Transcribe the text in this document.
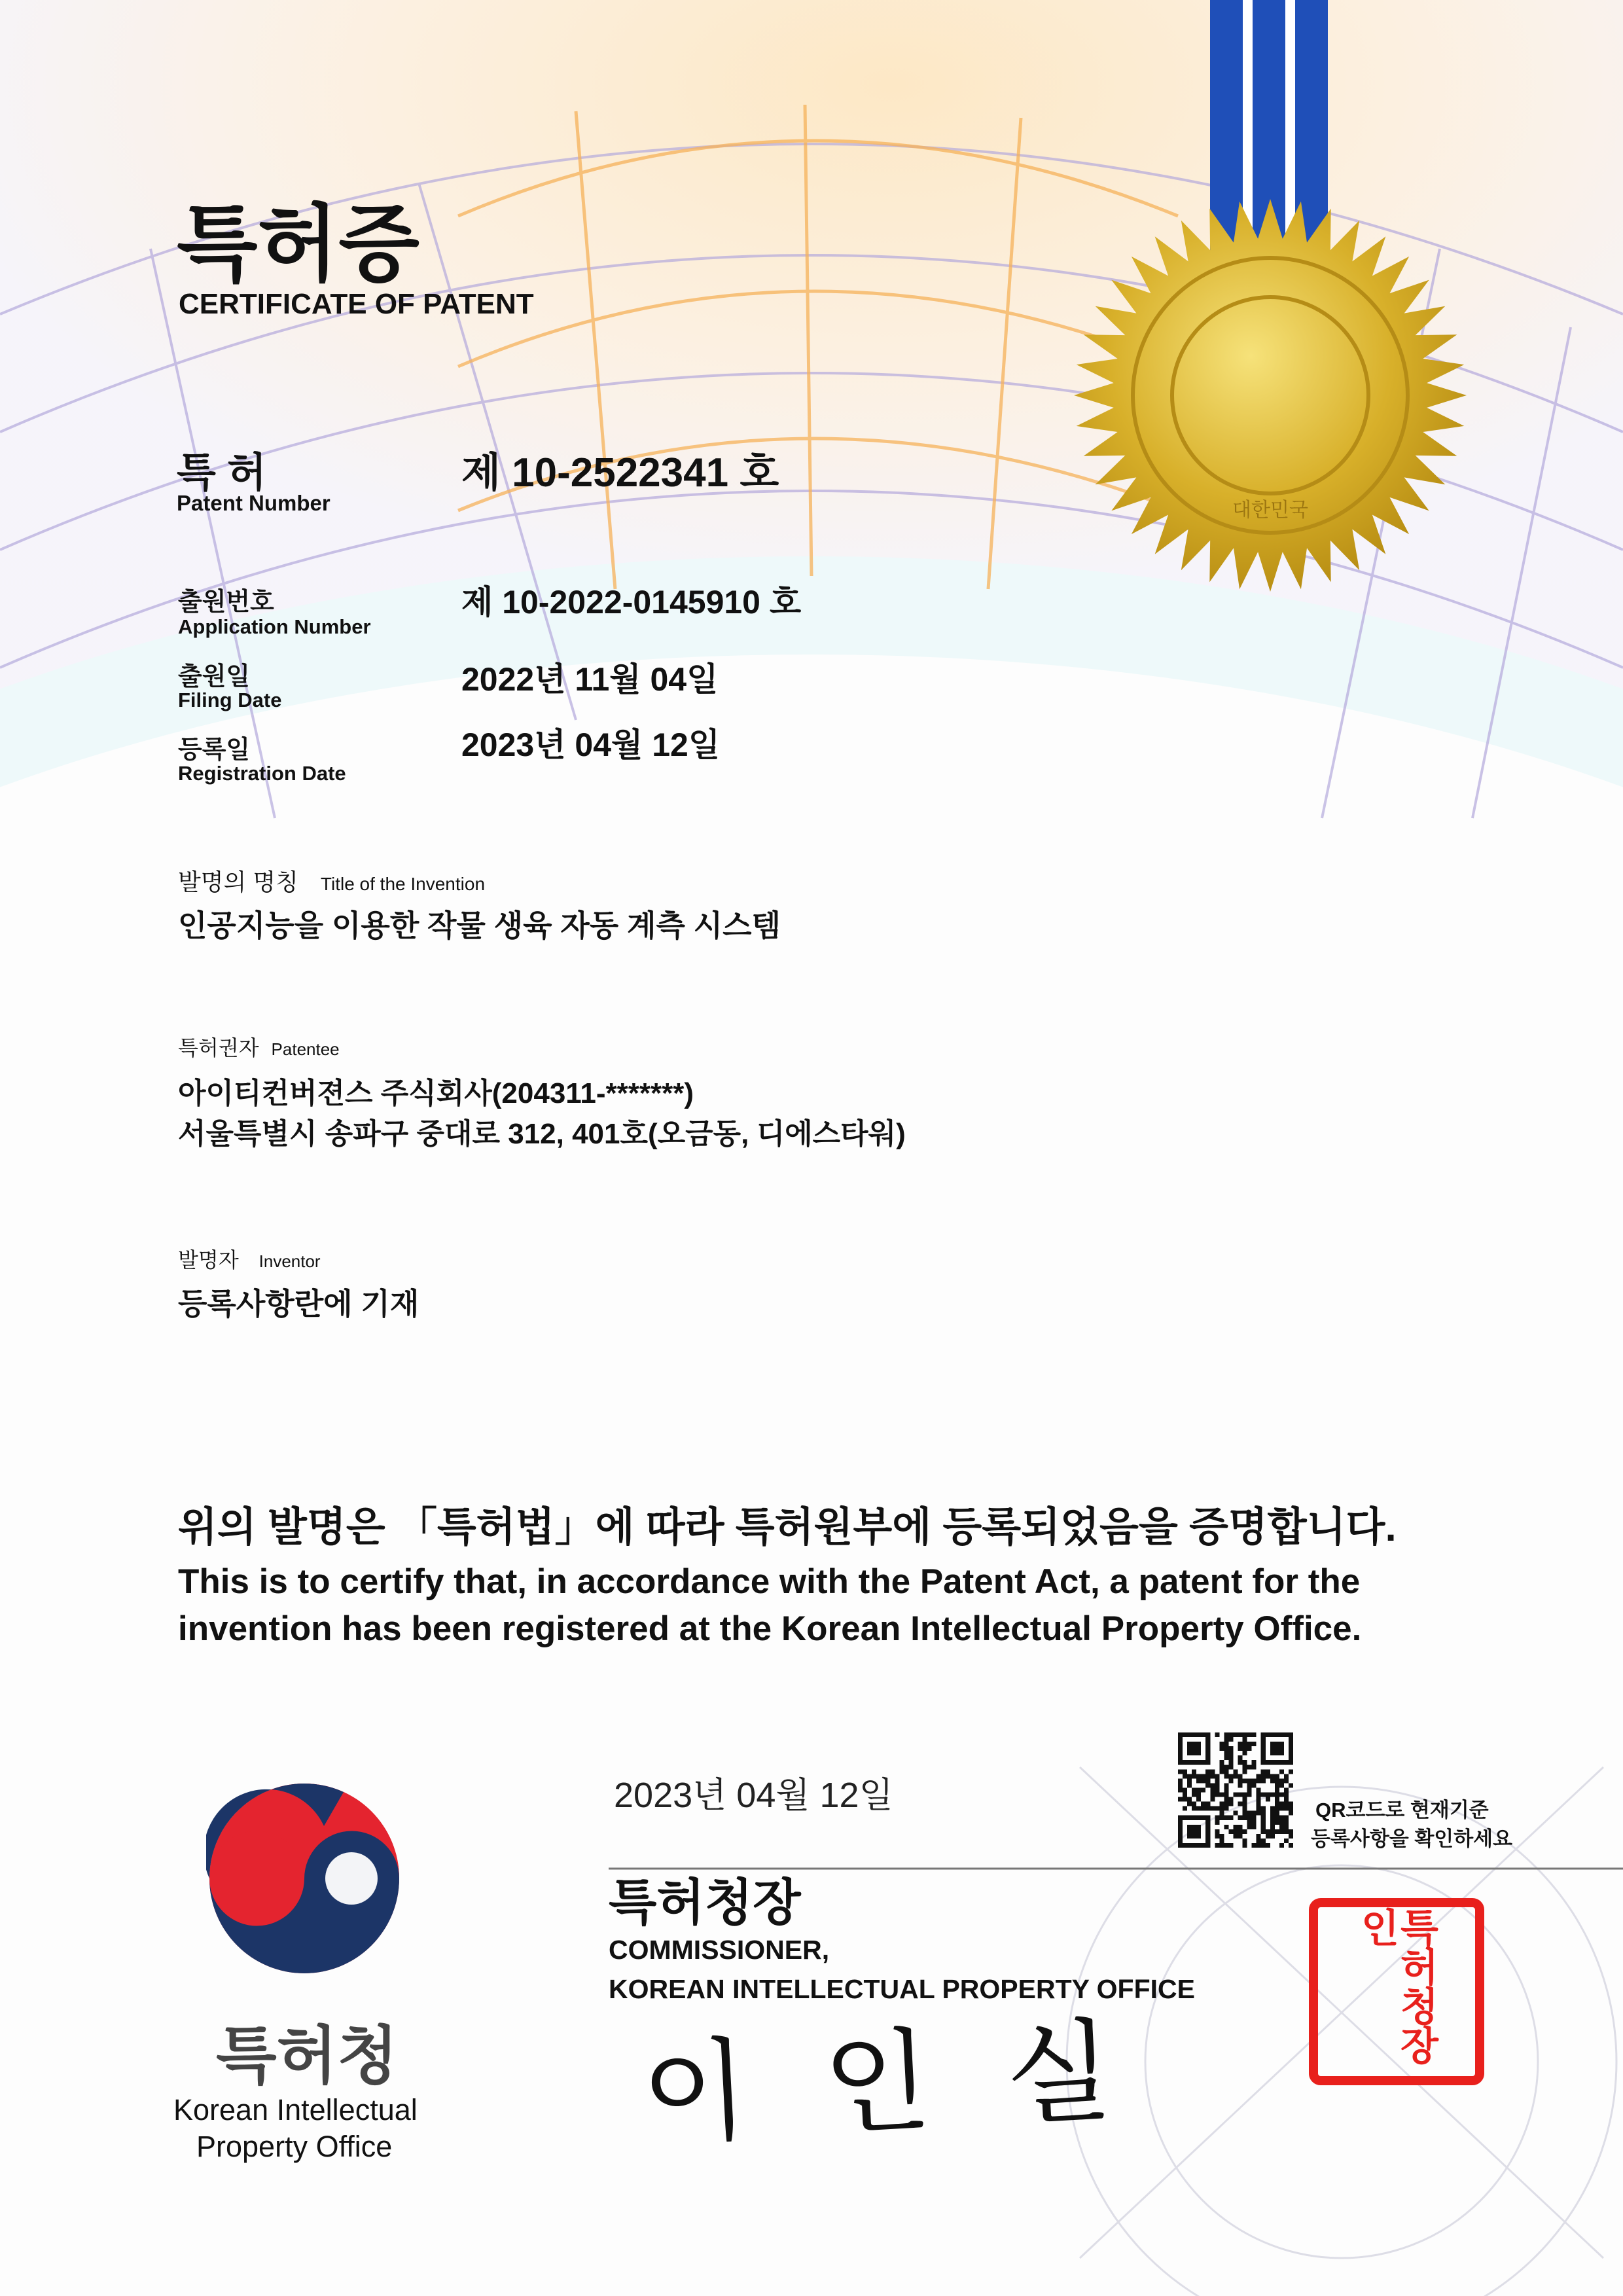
대한민국
특허증
CERTIFICATE OF PATENT
특 허
Patent Number
제 10-2522341 호
출원번호
Application Number
제 10-2022-0145910 호
출원일
Filing Date
2022년 11월 04일
등록일
Registration Date
2023년 04월 12일
발명의 명칭 Title of the Invention
인공지능을 이용한 작물 생육 자동 계측 시스템
특허권자 Patentee
아이티컨버젼스 주식회사(204311-*******)
서울특별시 송파구 중대로 312, 401호(오금동, 디에스타워)
발명자 Inventor
등록사항란에 기재
위의 발명은 「특허법」에 따라 특허원부에 등록되었음을 증명합니다.
This is to certify that, in accordance with the Patent Act, a patent for the
invention has been registered at the Korean Intellectual Property Office.
특허청
Korean Intellectual
Property Office
2023년 04월 12일
특허청장
COMMISSIONER,
KOREAN INTELLECTUAL PROPERTY OFFICE
이 인 실
QR코드로 현재기준
등록사항을 확인하세요
특허청장인
